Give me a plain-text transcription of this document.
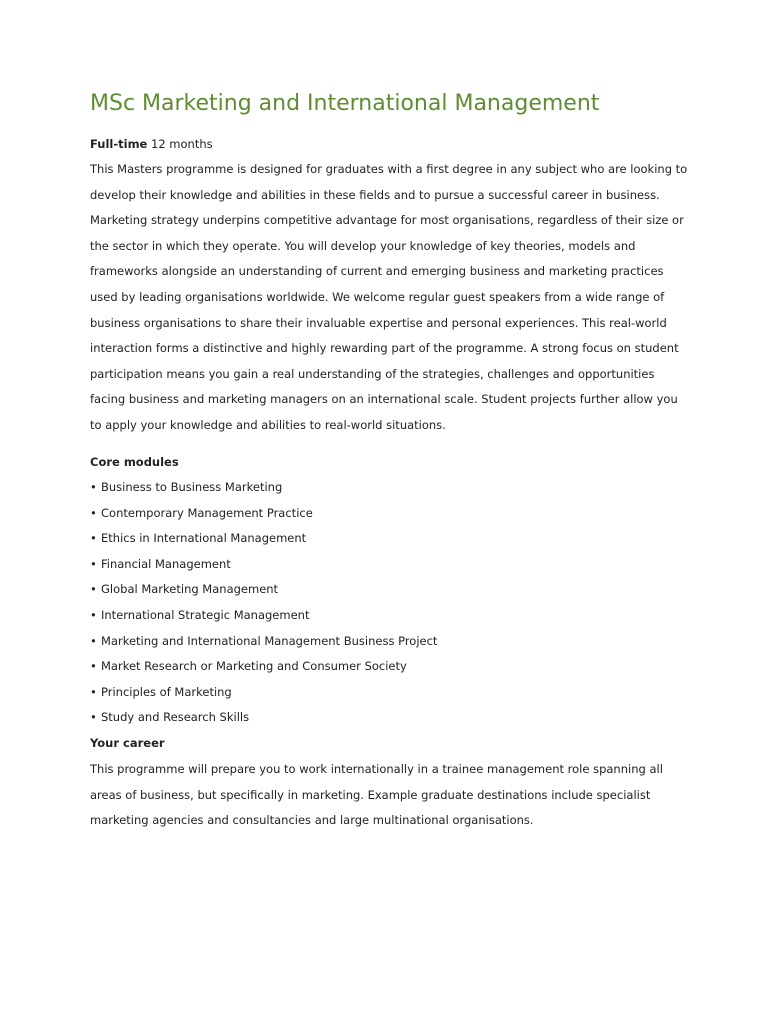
MSc Marketing and International Management

Full-time 12 months

This Masters programme is designed for graduates with a first degree in any subject who are looking to develop their knowledge and abilities in these fields and to pursue a successful career in business. Marketing strategy underpins competitive advantage for most organisations, regardless of their size or the sector in which they operate. You will develop your knowledge of key theories, models and frameworks alongside an understanding of current and emerging business and marketing practices used by leading organisations worldwide. We welcome regular guest speakers from a wide range of business organisations to share their invaluable expertise and personal experiences. This real-world interaction forms a distinctive and highly rewarding part of the programme. A strong focus on student participation means you gain a real understanding of the strategies, challenges and opportunities facing business and marketing managers on an international scale. Student projects further allow you to apply your knowledge and abilities to real-world situations.

Core modules

• Business to Business Marketing
• Contemporary Management Practice
• Ethics in International Management
• Financial Management
• Global Marketing Management
• International Strategic Management
• Marketing and International Management Business Project
• Market Research or Marketing and Consumer Society
• Principles of Marketing
• Study and Research Skills

Your career

This programme will prepare you to work internationally in a trainee management role spanning all areas of business, but specifically in marketing. Example graduate destinations include specialist marketing agencies and consultancies and large multinational organisations.
